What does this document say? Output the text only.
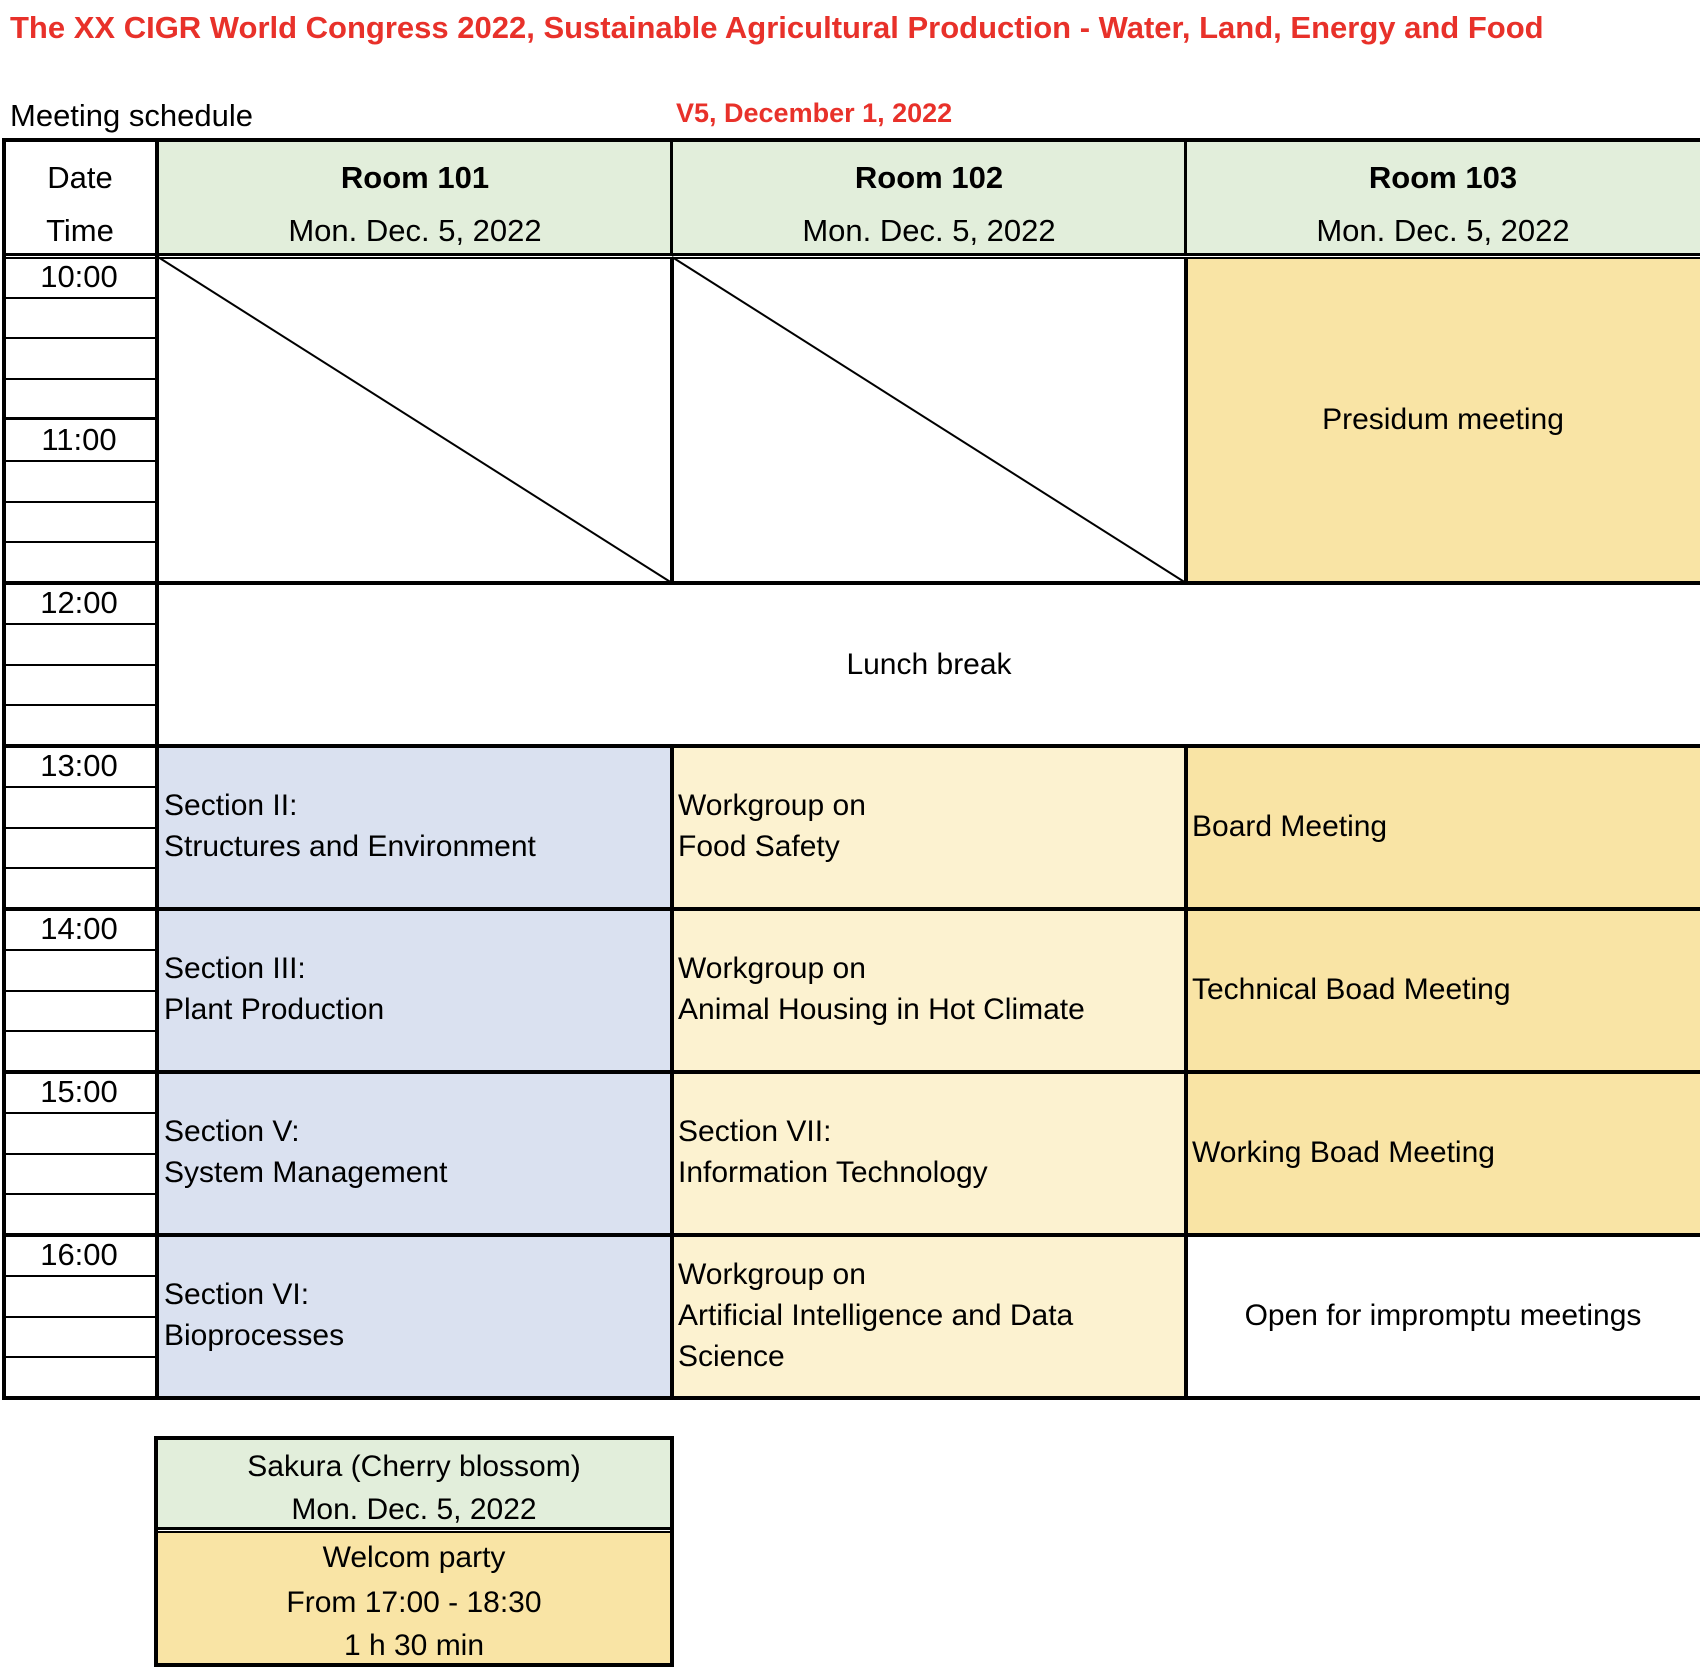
The XX CIGR World Congress 2022, Sustainable Agricultural Production - Water, Land, Energy and Food
Meeting schedule	V5, December 1, 2022
Date
Time
Room 101
Mon. Dec. 5, 2022
Room 102
Mon. Dec. 5, 2022
Room 103
Mon. Dec. 5, 2022
10:00
11:00
12:00
13:00
14:00
15:00
16:00
Presidum meeting
Lunch break
Section II:
Structures and Environment
Section III:
Plant Production
Section V:
System Management
Section VI:
Bioprocesses
Workgroup on
Food Safety
Workgroup on
Animal Housing in Hot Climate
Section VII:
Information Technology
Workgroup on
Artificial Intelligence and Data
Science
Board Meeting
Technical Boad Meeting
Working Boad Meeting
Open for impromptu meetings
Sakura (Cherry blossom)
Mon. Dec. 5, 2022
Welcom party
From 17:00 - 18:30
1 h 30 min
